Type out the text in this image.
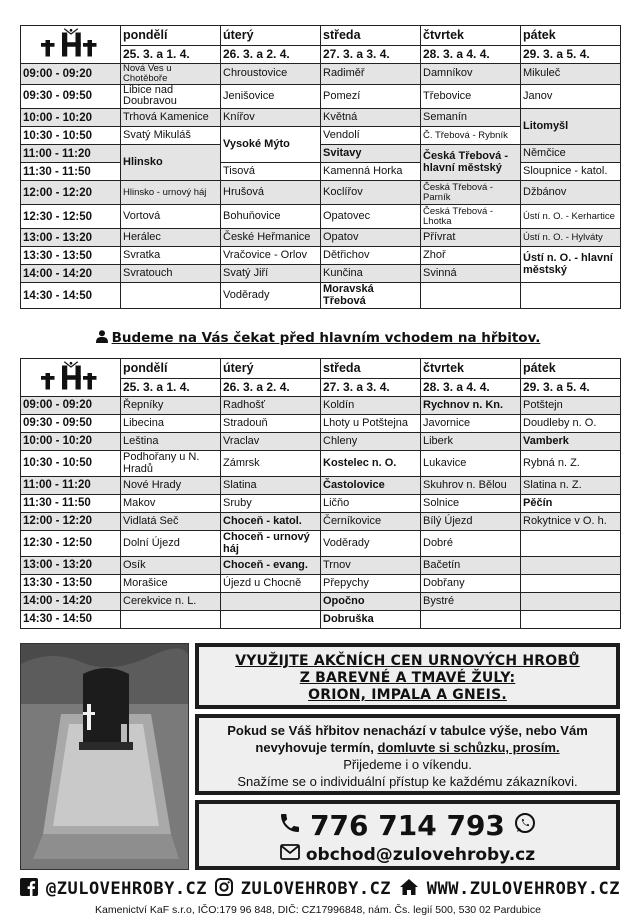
	pondělí	úterý	středa	čtvrtek	pátek
	25. 3. a 1. 4.	26. 3. a 2. 4.	27. 3. a 3. 4.	28. 3. a 4. 4.	29. 3. a 5. 4.
09:00 - 09:20	Nová Ves u Chotěboře	Chroustovice	Radiměř	Damníkov	Mikuleč
09:30 - 09:50	Libice nad Doubravou	Jenišovice	Pomezí	Třebovice	Janov
10:00 - 10:20	Trhová Kamenice	Knířov	Květná	Semanín	Litomyšl
10:30 - 10:50	Svatý Mikuláš	Vysoké Mýto	Vendolí	Č. Třebová - Rybník	
11:00 - 11:20	Hlinsko		Svitavy	Česká Třebová - hlavní městský	Němčice
11:30 - 11:50		Tisová	Kamenná Horka		Sloupnice - katol.
12:00 - 12:20	Hlinsko - urnový háj	Hrušová	Koclířov	Česká Třebová - Parník	Džbánov
12:30 - 12:50	Vortová	Bohuňovice	Opatovec	Česká Třebová - Lhotka	Ústí n. O. - Kerhartice
13:00 - 13:20	Herálec	České Heřmanice	Opatov	Přívrat	Ústí n. O. - Hylváty
13:30 - 13:50	Svratka	Vračovice - Orlov	Dětřichov	Zhoř	Ústí n. O. - hlavní městský
14:00 - 14:20	Svratouch	Svatý Jiří	Kunčina	Svinná	
14:30 - 14:50		Voděrady	Moravská Třebová		
Budeme na Vás čekat před hlavním vchodem na hřbitov.
	pondělí	úterý	středa	čtvrtek	pátek
	25. 3. a 1. 4.	26. 3. a 2. 4.	27. 3. a 3. 4.	28. 3. a 4. 4.	29. 3. a 5. 4.
09:00 - 09:20	Řepníky	Radhošť	Koldín	Rychnov n. Kn.	Potštejn
09:30 - 09:50	Libecina	Stradouň	Lhoty u Potštejna	Javornice	Doudleby n. O.
10:00 - 10:20	Leština	Vraclav	Chleny	Liberk	Vamberk
10:30 - 10:50	Podhořany u N. Hradů	Zámrsk	Kostelec n. O.	Lukavice	Rybná n. Z.
11:00 - 11:20	Nové Hrady	Slatina	Častolovice	Skuhrov n. Bělou	Slatina n. Z.
11:30 - 11:50	Makov	Sruby	Ličňo	Solnice	Pěčín
12:00 - 12:20	Vidlatá Seč	Choceň - katol.	Černíkovice	Bílý Újezd	Rokytnice v O. h.
12:30 - 12:50	Dolní Újezd	Choceň - urnový háj	Voděrady	Dobré	
13:00 - 13:20	Osík	Choceň - evang.	Trnov	Bačetín	
13:30 - 13:50	Morašice	Újezd u Chocně	Přepychy	Dobřany	
14:00 - 14:20	Cerekvice n. L.		Opočno	Bystré	
14:30 - 14:50			Dobruška		
VYUŽIJTE AKČNÍCH CEN URNOVÝCH HROBŮ
Z BAREVNÉ A TMAVÉ ŽULY:
ORION, IMPALA A GNEIS.
Pokud se Váš hřbitov nenachází v tabulce výše, nebo Vám
nevyhovuje termín, domluvte si schůzku, prosím.
Přijedeme i o víkendu.
Snažíme se o individuální přístup ke každému zákazníkovi.
776 714 793
obchod@zulovehroby.cz
@ZULOVEHROBY.CZ ZULOVEHROBY.CZ WWW.ZULOVEHROBY.CZ
Kamenictví KaF s.r.o, IČO:179 96 848, DIČ: CZ17996848, nám. Čs. legií 500, 530 02 Pardubice
